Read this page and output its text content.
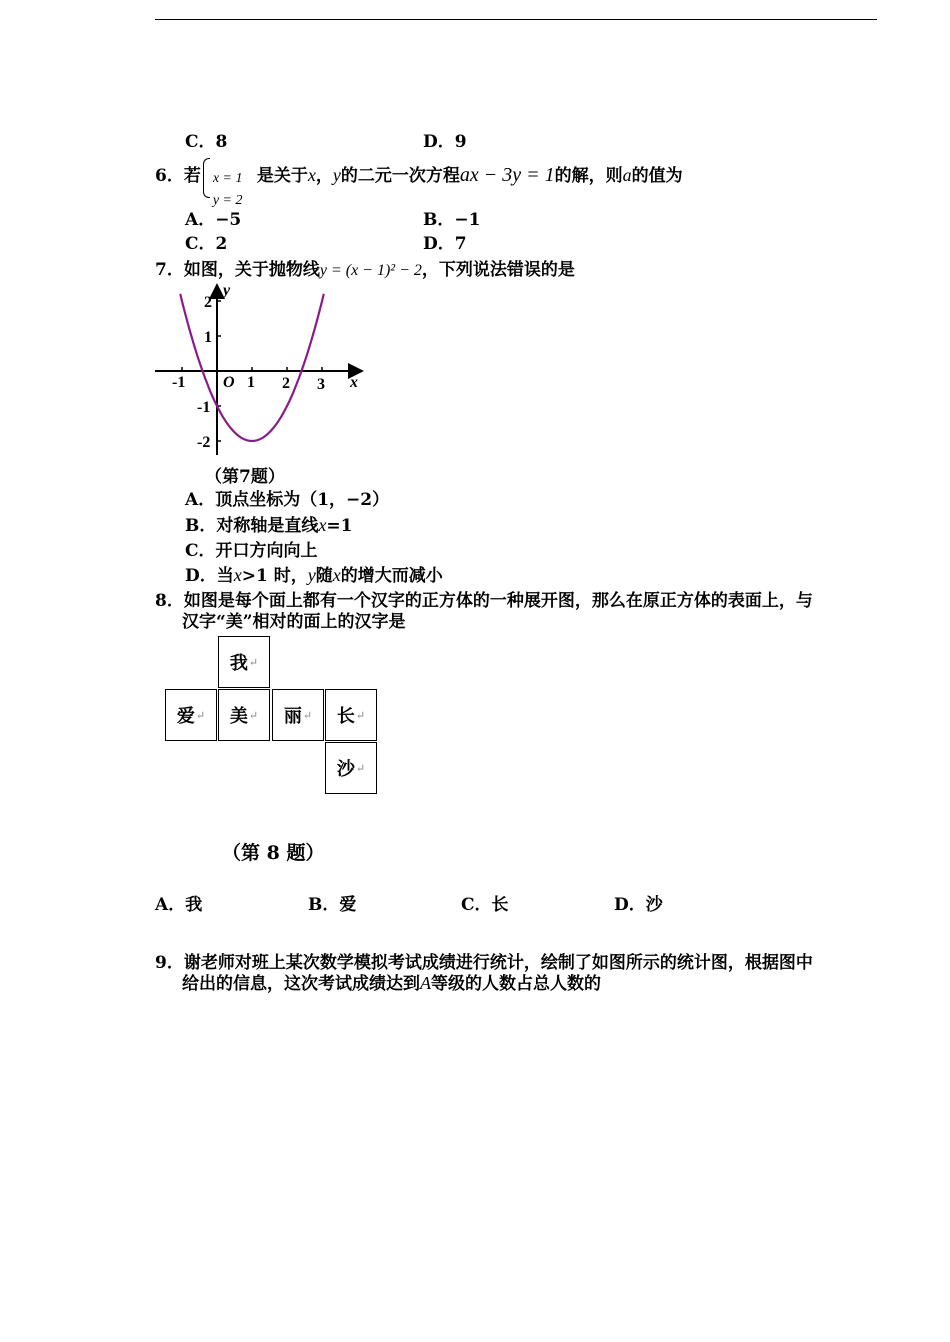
C．8	D．9
6．若 x = 1
y = 2
是关于x，y的二元一次方程ax − 3y = 1的解，则a的值为
A．−5	B．−1
C．2	D．7
7．如图，关于抛物线y = (x − 1)² − 2，下列说法错误的是
-1	1 2 3
O	x
y
2
1
-1
-2
（第7题）
A．顶点坐标为（1，−2）
B．对称轴是直线x=1
C．开口方向向上
D．当x>1 时，y随x的增大而减小
8．如图是每个面上都有一个汉字的正方体的一种展开图，那么在原正方体的表面上，与
汉字“美”相对的面上的汉字是
我 ↵
爱 ↵ 美 ↵ 丽 ↵ 长 ↵
沙 ↵
（第 8 题）
A．我	B．爱	C．长	D．沙
9．谢老师对班上某次数学模拟考试成绩进行统计，绘制了如图所示的统计图，根据图中
给出的信息，这次考试成绩达到A等级的人数占总人数的
